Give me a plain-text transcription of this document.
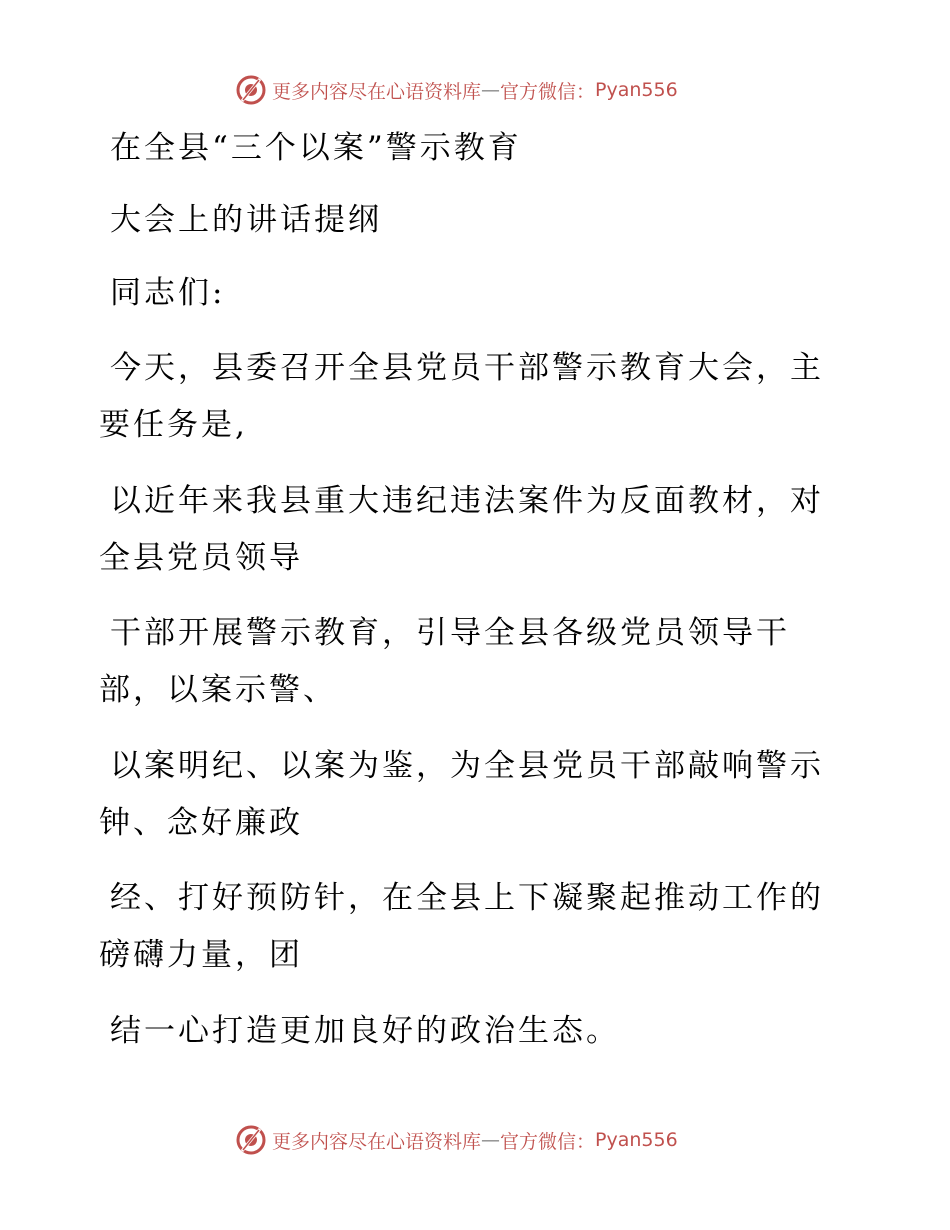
更多内容尽在心语资料库 — 官方微信： Pyan556
在全县“三个以案”警示教育
大会上的讲话提纲
同志们:
今天，县委召开全县党员干部警示教育大会，主
要任务是,
以近年来我县重大违纪违法案件为反面教材，对
全县党员领导
干部开展警示教育，引导全县各级党员领导干
部，以案示警、
以案明纪、以案为鉴，为全县党员干部敲响警示
钟、念好廉政
经、打好预防针，在全县上下凝聚起推动工作的
磅礴力量，团
结一心打造更加良好的政治生态。
更多内容尽在心语资料库 — 官方微信： Pyan556
